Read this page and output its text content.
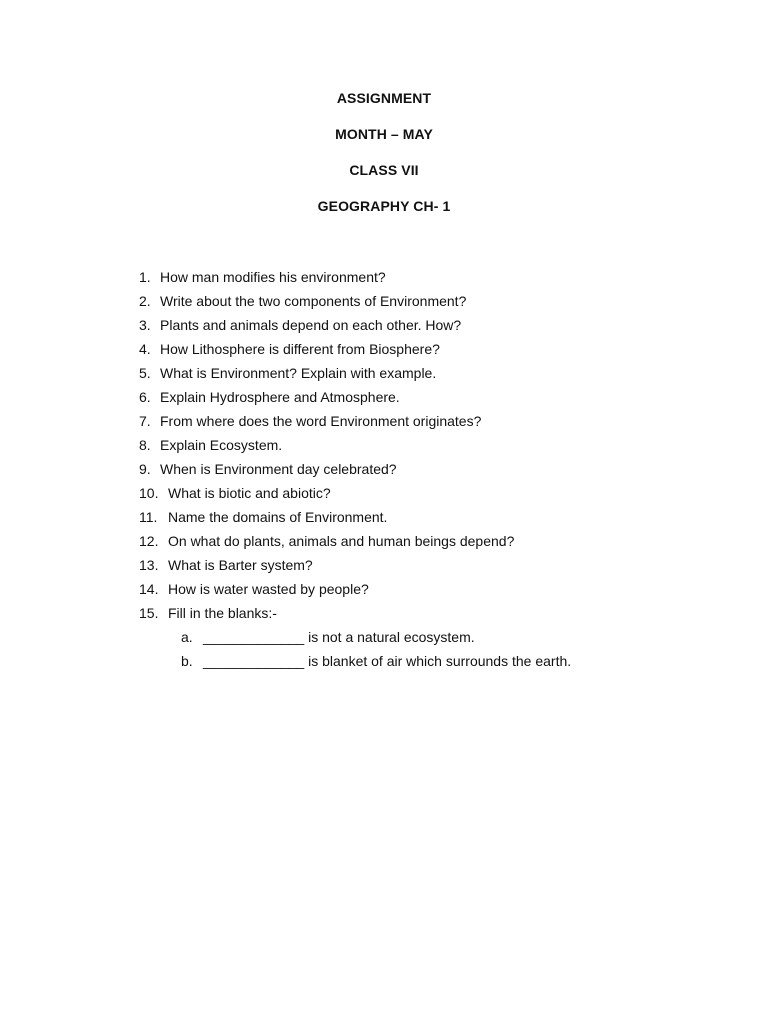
ASSIGNMENT
MONTH – MAY
CLASS VII
GEOGRAPHY CH- 1
1. How man modifies his environment?
2. Write about the two components of Environment?
3. Plants and animals depend on each other. How?
4. How Lithosphere is different from Biosphere?
5. What is Environment? Explain with example.
6. Explain Hydrosphere and Atmosphere.
7. From where does the word Environment originates?
8. Explain Ecosystem.
9. When is Environment day celebrated?
10. What is biotic and abiotic?
11. Name the domains of Environment.
12. On what do plants, animals and human beings depend?
13. What is Barter system?
14. How is water wasted by people?
15. Fill in the blanks:-
a. _____________ is not a natural ecosystem.
b. _____________ is blanket of air which surrounds the earth.
